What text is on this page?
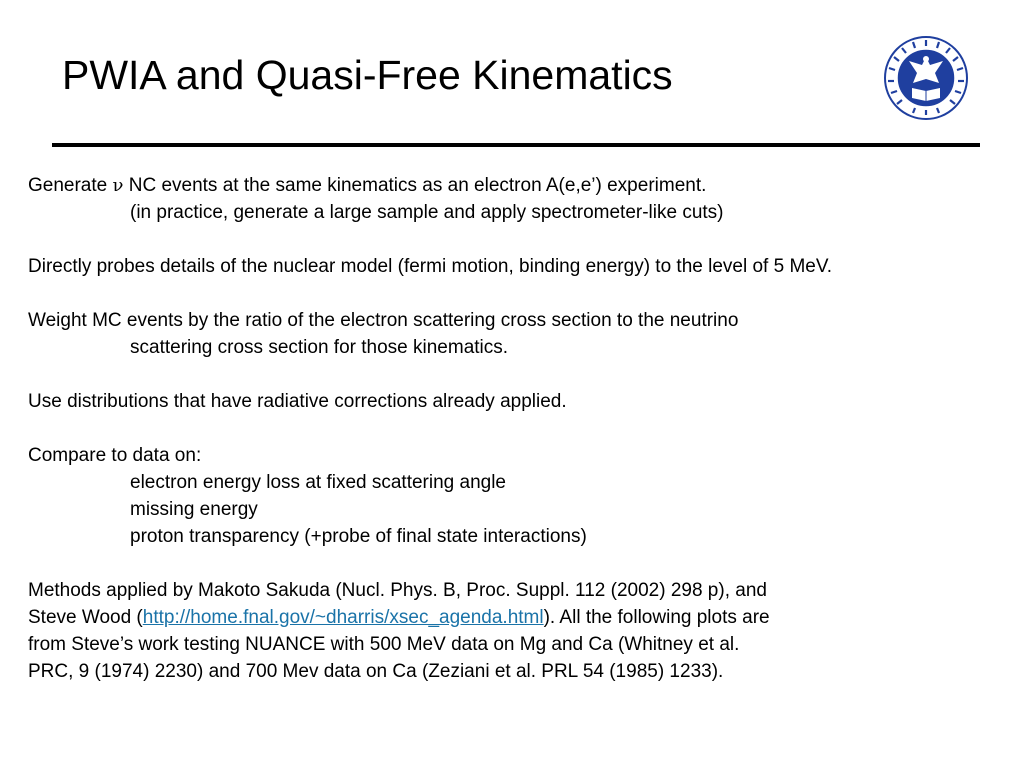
PWIA and Quasi-Free Kinematics
Generate ν NC events at the same kinematics as an electron A(e,e’) experiment.
(in practice, generate a large sample and apply spectrometer-like cuts)
Directly probes details of the nuclear model (fermi motion, binding energy) to the level of 5 MeV.
Weight MC events by the ratio of the electron scattering cross section to the neutrino
scattering cross section for those kinematics.
Use distributions that have radiative corrections already applied.
Compare to data on:
electron energy loss at fixed scattering angle
missing energy
proton transparency (+probe of final state interactions)
Methods applied by Makoto Sakuda (Nucl. Phys. B, Proc. Suppl. 112 (2002) 298 p), and
Steve Wood (http://home.fnal.gov/~dharris/xsec_agenda.html). All the following plots are
from Steve’s work testing NUANCE with 500 MeV data on Mg and Ca (Whitney et al.
PRC, 9 (1974) 2230) and 700 Mev data on Ca (Zeziani et al. PRL 54 (1985) 1233).
